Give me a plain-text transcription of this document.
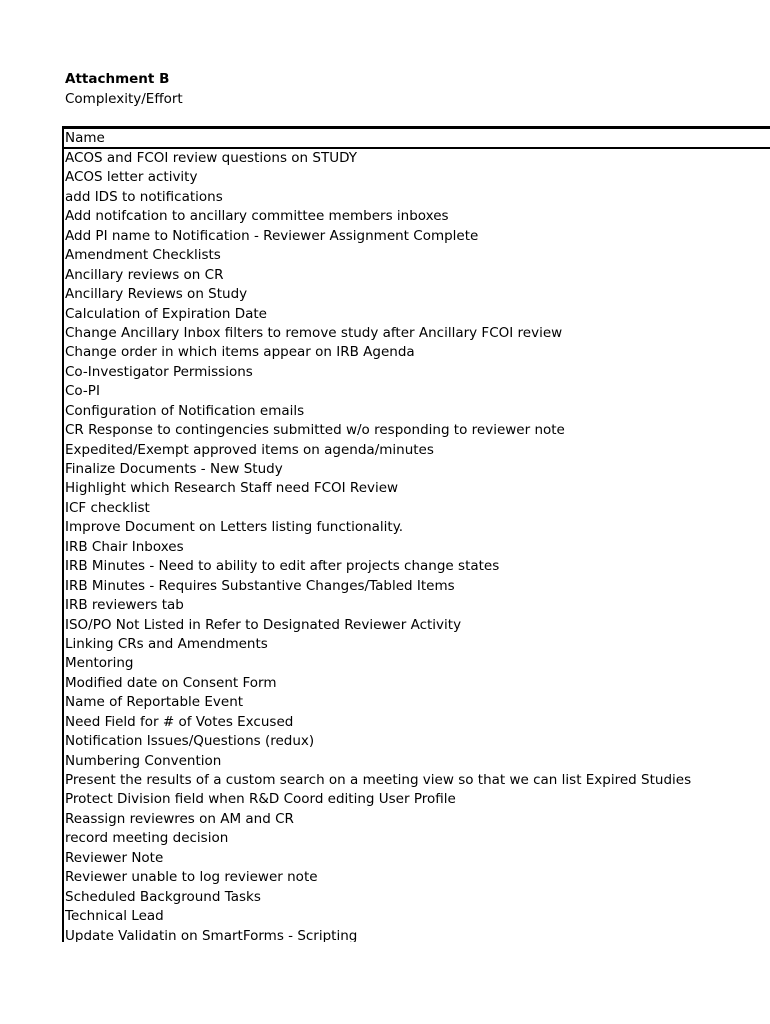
Attachment B
Complexity/Effort
Name
ACOS and FCOI review questions on STUDY
ACOS letter activity
add IDS to notifications
Add notifcation to ancillary committee members inboxes
Add PI name to Notification - Reviewer Assignment Complete
Amendment Checklists
Ancillary reviews on CR
Ancillary Reviews on Study
Calculation of Expiration Date
Change Ancillary Inbox filters to remove study after Ancillary FCOI review
Change order in which items appear on IRB Agenda
Co-Investigator Permissions
Co-PI
Configuration of Notification emails
CR Response to contingencies submitted w/o responding to reviewer note
Expedited/Exempt approved items on agenda/minutes
Finalize Documents - New Study
Highlight which Research Staff need FCOI Review
ICF checklist
Improve Document on Letters listing functionality.
IRB Chair Inboxes
IRB Minutes - Need to ability to edit after projects change states
IRB Minutes - Requires Substantive Changes/Tabled Items
IRB reviewers tab
ISO/PO Not Listed in Refer to Designated Reviewer Activity
Linking CRs and Amendments
Mentoring
Modified date on Consent Form
Name of Reportable Event
Need Field for # of Votes Excused
Notification Issues/Questions (redux)
Numbering Convention
Present the results of a custom search on a meeting view so that we can list Expired Studies
Protect Division field when R&D Coord editing User Profile
Reassign reviewres on AM and CR
record meeting decision
Reviewer Note
Reviewer unable to log reviewer note
Scheduled Background Tasks
Technical Lead
Update Validatin on SmartForms - Scripting
